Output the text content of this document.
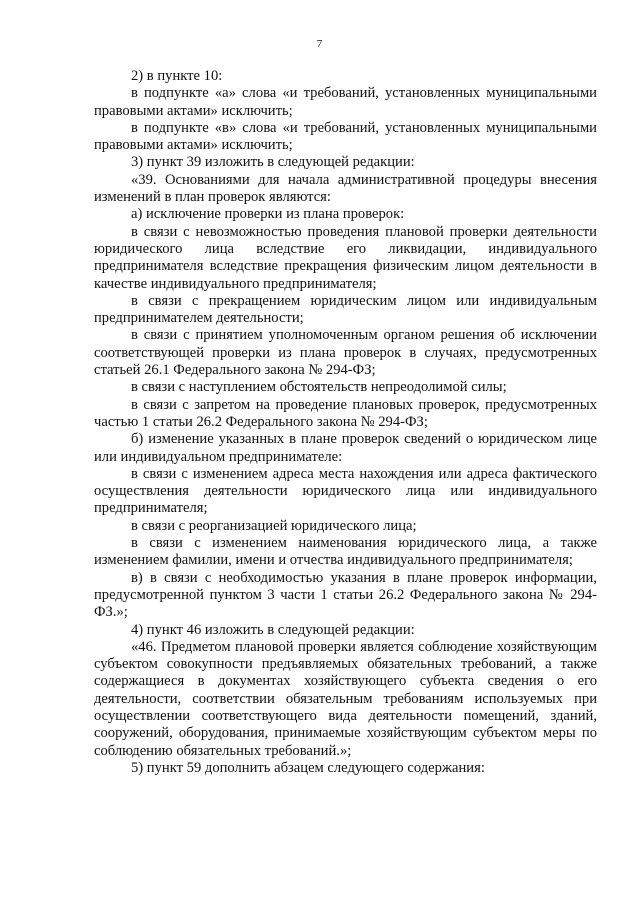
7

2) в пункте 10:

в подпункте «а» слова «и требований, установленных муниципальными правовыми актами» исключить;

в подпункте «в» слова «и требований, установленных муниципальными правовыми актами» исключить;

3) пункт 39 изложить в следующей редакции:

«39. Основаниями для начала административной процедуры внесения изменений в план проверок являются:

а) исключение проверки из плана проверок:

в связи с невозможностью проведения плановой проверки деятельности юридического лица вследствие его ликвидации, индивидуального предпринимателя вследствие прекращения физическим лицом деятельности в качестве индивидуального предпринимателя;

в связи с прекращением юридическим лицом или индивидуальным предпринимателем деятельности;

в связи с принятием уполномоченным органом решения об исключении соответствующей проверки из плана проверок в случаях, предусмотренных статьей 26.1 Федерального закона № 294-ФЗ;

в связи с наступлением обстоятельств непреодолимой силы;

в связи с запретом на проведение плановых проверок, предусмотренных частью 1 статьи 26.2 Федерального закона № 294-ФЗ;

б) изменение указанных в плане проверок сведений о юридическом лице или индивидуальном предпринимателе:

в связи с изменением адреса места нахождения или адреса фактического осуществления деятельности юридического лица или индивидуального предпринимателя;

в связи с реорганизацией юридического лица;

в связи с изменением наименования юридического лица, а также изменением фамилии, имени и отчества индивидуального предпринимателя;

в) в связи с необходимостью указания в плане проверок информации, предусмотренной пунктом 3 части 1 статьи 26.2 Федерального закона № 294-ФЗ.»;

4) пункт 46 изложить в следующей редакции:

«46. Предметом плановой проверки является соблюдение хозяйствующим субъектом совокупности предъявляемых обязательных требований, а также содержащиеся в документах хозяйствующего субъекта сведения о его деятельности, соответствии обязательным требованиям используемых при осуществлении соответствующего вида деятельности помещений, зданий, сооружений, оборудования, принимаемые хозяйствующим субъектом меры по соблюдению обязательных требований.»;

5) пункт 59 дополнить абзацем следующего содержания:
